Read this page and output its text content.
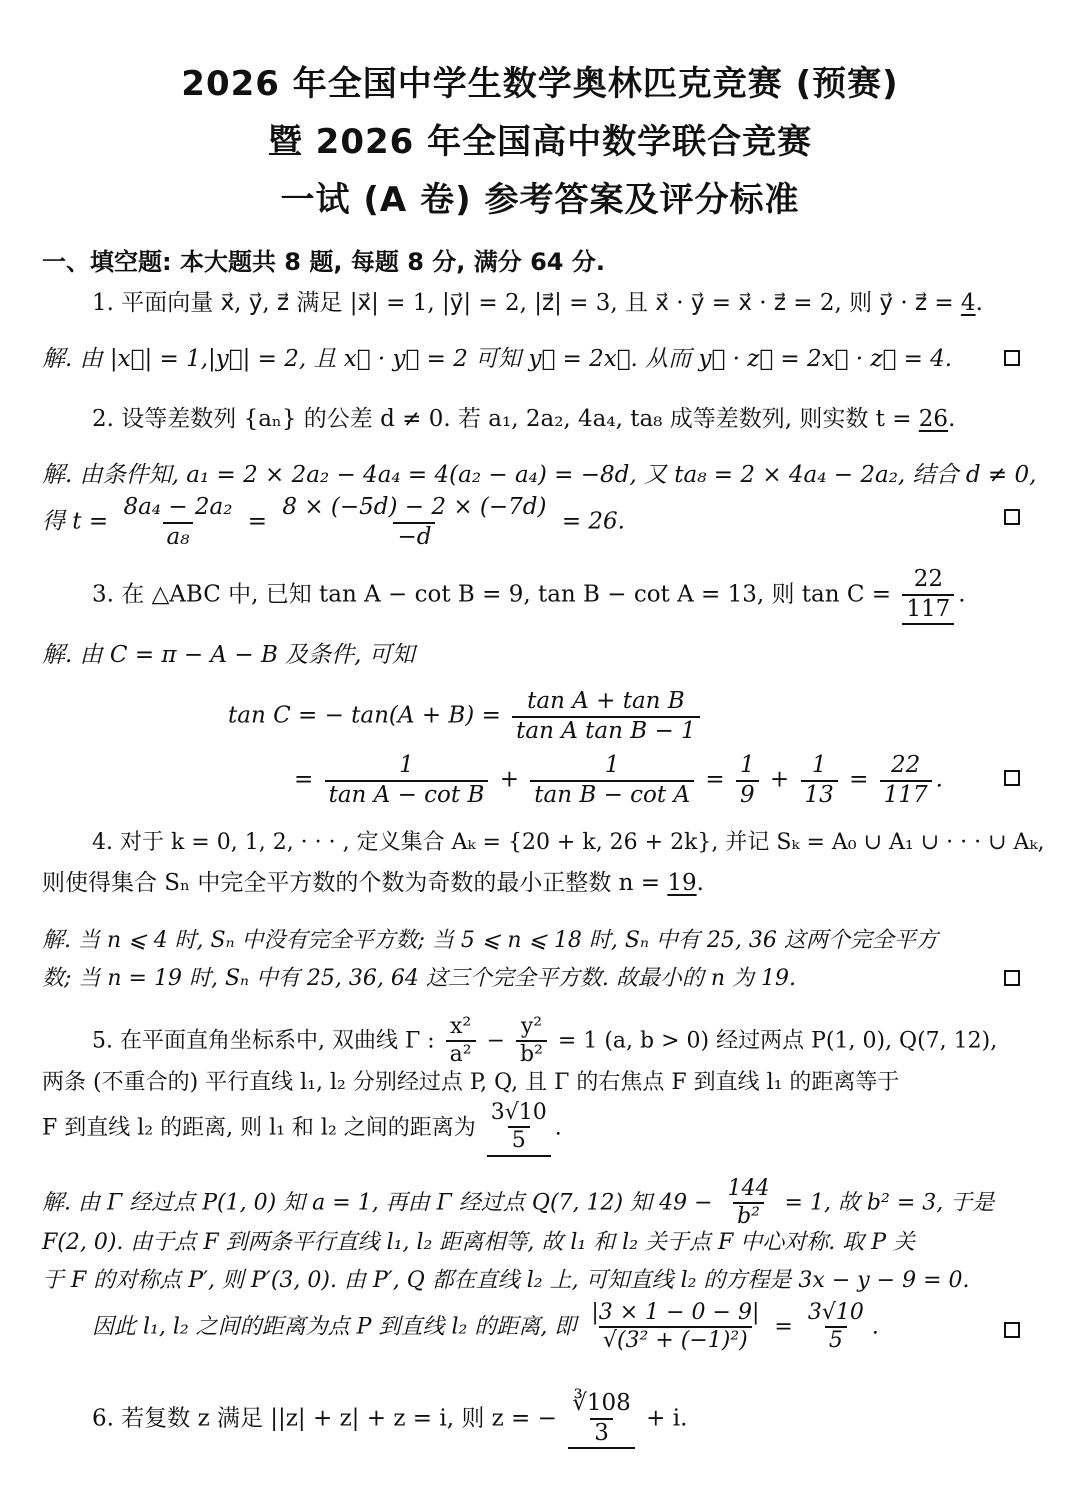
2026 年全国中学生数学奥林匹克竞赛 (预赛)
暨 2026 年全国高中数学联合竞赛
一试 (A 卷) 参考答案及评分标准
一、填空题: 本大题共 8 题, 每题 8 分, 满分 64 分.
1. 平面向量 x⃗, y⃗, z⃗ 满足 |x⃗| = 1, |y⃗| = 2, |z⃗| = 3, 且 x⃗ · y⃗ = x⃗ · z⃗ = 2, 则 y⃗ · z⃗ = 4.
解. 由 |x⃗| = 1,|y⃗| = 2, 且 x⃗ · y⃗ = 2 可知 y⃗ = 2x⃗. 从而 y⃗ · z⃗ = 2x⃗ · z⃗ = 4.
2. 设等差数列 {aₙ} 的公差 d ≠ 0. 若 a₁, 2a₂, 4a₄, ta₈ 成等差数列, 则实数 t = 26.
解. 由条件知, a₁ = 2 × 2a₂ − 4a₄ = 4(a₂ − a₄) = −8d, 又 ta₈ = 2 × 4a₄ − 2a₂, 结合 d ≠ 0,
得 $t = \frac{\text{8a₄ − 2a₂}}{\text{a₈}} = \frac{8 \times (-5d) - 2 \times (-7d)}{-d} = 26$.
3. 在 △ABC 中, 已知 tan A − cot B = 9, tan B − cot A = 13, 则 $\tan C = \frac{22}{117}$ .
解. 由 C = π − A − B 及条件, 可知
tan C = − $\tan(A + B) = \frac{\text{tan A + tan B}}{\text{tan A tan B − 1}}$
= $\frac{1}{\text{tan A − cot B}} + \frac{1}{\text{tan B − cot A}} = \frac{1}{9} + \frac{1}{13} = \frac{22}{117}$ .
4. 对于 k = 0, 1, 2, · · · , 定义集合 Aₖ = {20 + k, 26 + 2k}, 并记 Sₖ = A₀ ∪ A₁ ∪ · · · ∪ Aₖ,
则使得集合 Sₙ 中完全平方数的个数为奇数的最小正整数 n = 19.
解. 当 n ⩽ 4 时, Sₙ 中没有完全平方数; 当 5 ⩽ n ⩽ 18 时, Sₙ 中有 25, 36 这两个完全平方
数; 当 n = 19 时, Sₙ 中有 25, 36, 64 这三个完全平方数. 故最小的 n 为 19.
5. 在平面直角坐标系中, 双曲线 Γ : $\frac{\text{x²}}{\text{a²}} - \frac{\text{y²}}{\text{b²}} = 1$ (a, b > 0) 经过两点 P(1, 0), Q(7, 12),
两条 (不重合的) 平行直线 l₁, l₂ 分别经过点 P, Q, 且 Γ 的右焦点 F 到直线 l₁ 的距离等于
F 到直线 l₂ 的距离, 则 l₁ 和 l₂ 之间的距离为 $\frac{3√10}{5}$ .
解. 由 Γ 经过点 P(1, 0) 知 a = 1, 再由 Γ 经过点 Q(7, 12) 知 $49 - \frac{144}{\text{b²}} = 1$, 故 b² = 3, 于是
F(2, 0). 由于点 F 到两条平行直线 l₁, l₂ 距离相等, 故 l₁ 和 l₂ 关于点 F 中心对称. 取 P 关
于 F 的对称点 P′, 则 P′(3, 0). 由 P′, Q 都在直线 l₂ 上, 可知直线 l₂ 的方程是 3x − y − 9 = 0.
因此 l₁, l₂ 之间的距离为点 P 到直线 l₂ 的距离, 即 $\frac{|3 \times 1 - 0 - 9|}{\text{√(3² + (−1)²)}} = \frac{3√10}{5}$ .
6. 若复数 z 满足 ||z| + z| + z = i, 则 z = − $\frac{∛108}{3} + i$.
